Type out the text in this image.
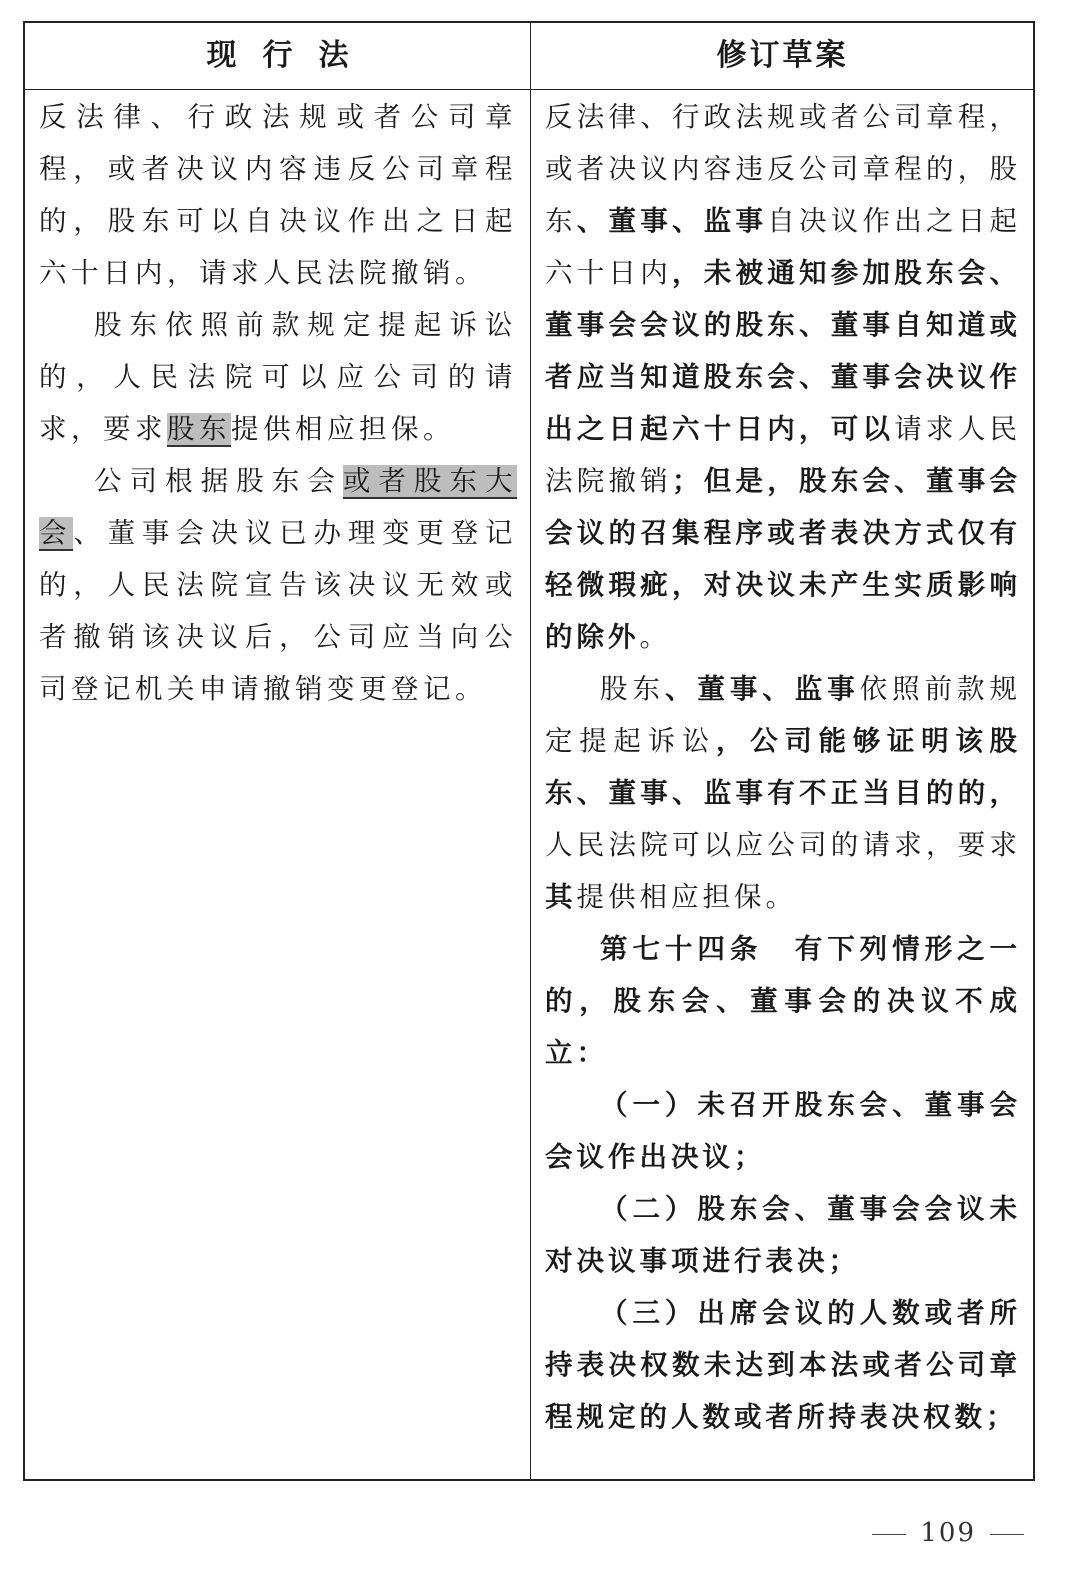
现行法	修订草案

反法律、行政法规或者公司章程，或者决议内容违反公司章程的，股东可以自决议作出之日起六十日内，请求人民法院撤销。

股东依照前款规定提起诉讼的，人民法院可以应公司的请求，要求股东提供相应担保。

公司根据股东会或者股东大会、董事会决议已办理变更登记的，人民法院宣告该决议无效或者撤销该决议后，公司应当向公司登记机关申请撤销变更登记。

反法律、行政法规或者公司章程，或者决议内容违反公司章程的，股东、董事、监事自决议作出之日起六十日内，未被通知参加股东会、董事会会议的股东、董事自知道或者应当知道股东会、董事会决议作出之日起六十日内，可以请求人民法院撤销；但是，股东会、董事会会议的召集程序或者表决方式仅有轻微瑕疵，对决议未产生实质影响的除外。

股东、董事、监事依照前款规定提起诉讼，公司能够证明该股东、董事、监事有不正当目的的，人民法院可以应公司的请求，要求其提供相应担保。

第七十四条　有下列情形之一的，股东会、董事会的决议不成立：

（一）未召开股东会、董事会会议作出决议；

（二）股东会、董事会会议未对决议事项进行表决；

（三）出席会议的人数或者所持表决权数未达到本法或者公司章程规定的人数或者所持表决权数；

109
